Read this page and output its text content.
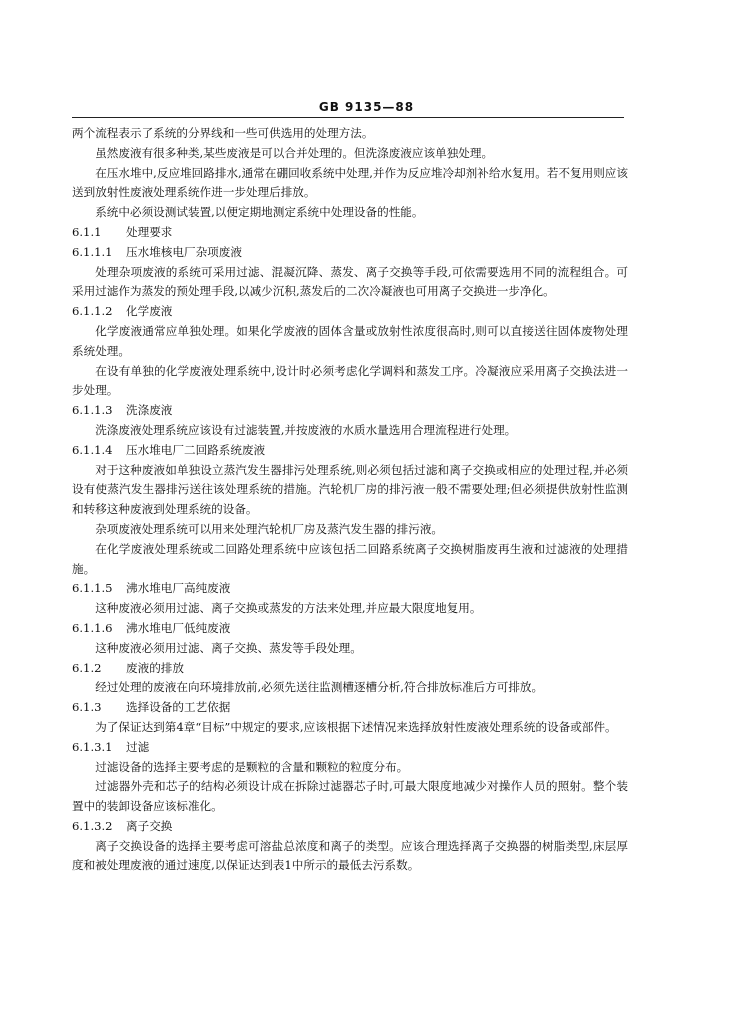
GB 9135—88

两个流程表示了系统的分界线和一些可供选用的处理方法。

虽然废液有很多种类,某些废液是可以合并处理的。但洗涤废液应该单独处理。

在压水堆中,反应堆回路排水,通常在硼回收系统中处理,并作为反应堆冷却剂补给水复用。若不复用则应该送到放射性废液处理系统作进一步处理后排放。

系统中必须设测试装置,以便定期地测定系统中处理设备的性能。

6.1.1 处理要求
6.1.1.1 压水堆核电厂杂项废液

处理杂项废液的系统可采用过滤、混凝沉降、蒸发、离子交换等手段,可依需要选用不同的流程组合。可采用过滤作为蒸发的预处理手段,以减少沉积,蒸发后的二次冷凝液也可用离子交换进一步净化。

6.1.1.2 化学废液

化学废液通常应单独处理。如果化学废液的固体含量或放射性浓度很高时,则可以直接送往固体废物处理系统处理。

在设有单独的化学废液处理系统中,设计时必须考虑化学调料和蒸发工序。冷凝液应采用离子交换法进一步处理。

6.1.1.3 洗涤废液

洗涤废液处理系统应该设有过滤装置,并按废液的水质水量选用合理流程进行处理。

6.1.1.4 压水堆电厂二回路系统废液

对于这种废液如单独设立蒸汽发生器排污处理系统,则必须包括过滤和离子交换或相应的处理过程,并必须设有使蒸汽发生器排污送往该处理系统的措施。汽轮机厂房的排污液一般不需要处理;但必须提供放射性监测和转移这种废液到处理系统的设备。

杂项废液处理系统可以用来处理汽轮机厂房及蒸汽发生器的排污液。

在化学废液处理系统或二回路处理系统中应该包括二回路系统离子交换树脂废再生液和过滤液的处理措施。

6.1.1.5 沸水堆电厂高纯废液

这种废液必须用过滤、离子交换或蒸发的方法来处理,并应最大限度地复用。

6.1.1.6 沸水堆电厂低纯废液

这种废液必须用过滤、离子交换、蒸发等手段处理。

6.1.2 废液的排放

经过处理的废液在向环境排放前,必须先送往监测槽逐槽分析,符合排放标准后方可排放。

6.1.3 选择设备的工艺依据

为了保证达到第4章“目标”中规定的要求,应该根据下述情况来选择放射性废液处理系统的设备或部件。

6.1.3.1 过滤

过滤设备的选择主要考虑的是颗粒的含量和颗粒的粒度分布。

过滤器外壳和芯子的结构必须设计成在拆除过滤器芯子时,可最大限度地减少对操作人员的照射。整个装置中的装卸设备应该标准化。

6.1.3.2 离子交换

离子交换设备的选择主要考虑可溶盐总浓度和离子的类型。应该合理选择离子交换器的树脂类型,床层厚度和被处理废液的通过速度,以保证达到表1中所示的最低去污系数。
